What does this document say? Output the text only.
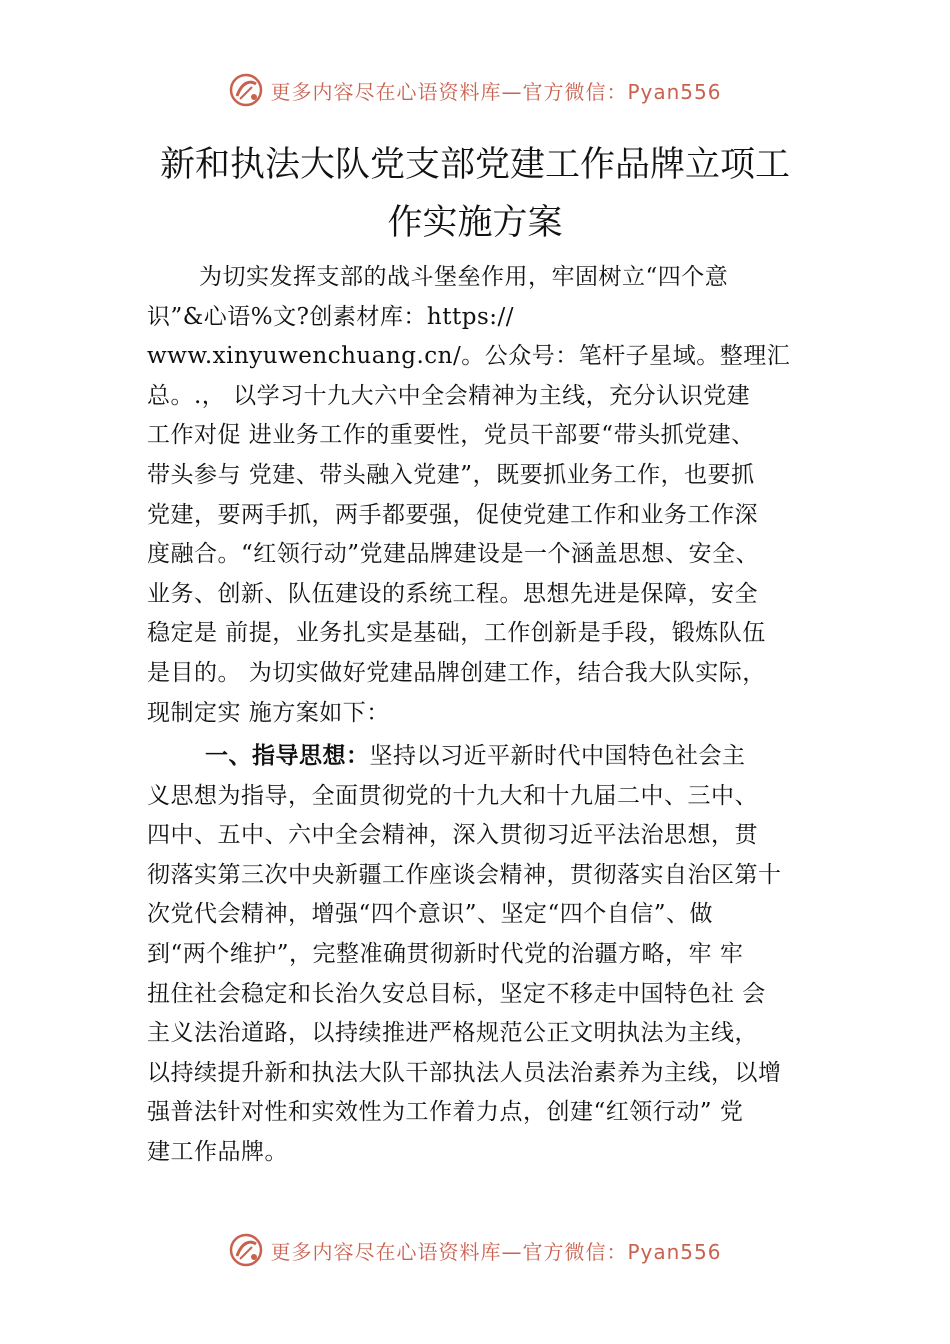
更多内容尽在心语资料库—官方微信：Pyan556
新和执法大队党支部党建工作品牌立项工
作实施方案
为切实发挥支部的战斗堡垒作用，牢固树立“四个意
识”&心语%文?创素材库：https://
www.xinyuwenchuang.cn/。公众号：笔杆子星域。整理汇
总。.， 以学习十九大六中全会精神为主线，充分认识党建
工作对促 进业务工作的重要性，党员干部要“带头抓党建、
带头参与 党建、带头融入党建”，既要抓业务工作，也要抓
党建，要两手抓，两手都要强，促使党建工作和业务工作深
度融合。“红领行动”党建品牌建设是一个涵盖思想、安全、
业务、创新、队伍建设的系统工程。思想先进是保障，安全
稳定是 前提，业务扎实是基础，工作创新是手段，锻炼队伍
是目的。 为切实做好党建品牌创建工作，结合我大队实际，
现制定实 施方案如下：
一、指导思想：坚持以习近平新时代中国特色社会主
义思想为指导，全面贯彻党的十九大和十九届二中、三中、
四中、五中、六中全会精神，深入贯彻习近平法治思想，贯
彻落实第三次中央新疆工作座谈会精神，贯彻落实自治区第十
次党代会精神，增强“四个意识”、坚定“四个自信”、做
到“两个维护”，完整准确贯彻新时代党的治疆方略，牢 牢
扭住社会稳定和长治久安总目标，坚定不移走中国特色社 会
主义法治道路，以持续推进严格规范公正文明执法为主线，
以持续提升新和执法大队干部执法人员法治素养为主线，以增
强普法针对性和实效性为工作着力点，创建“红领行动” 党
建工作品牌。
更多内容尽在心语资料库—官方微信：Pyan556
